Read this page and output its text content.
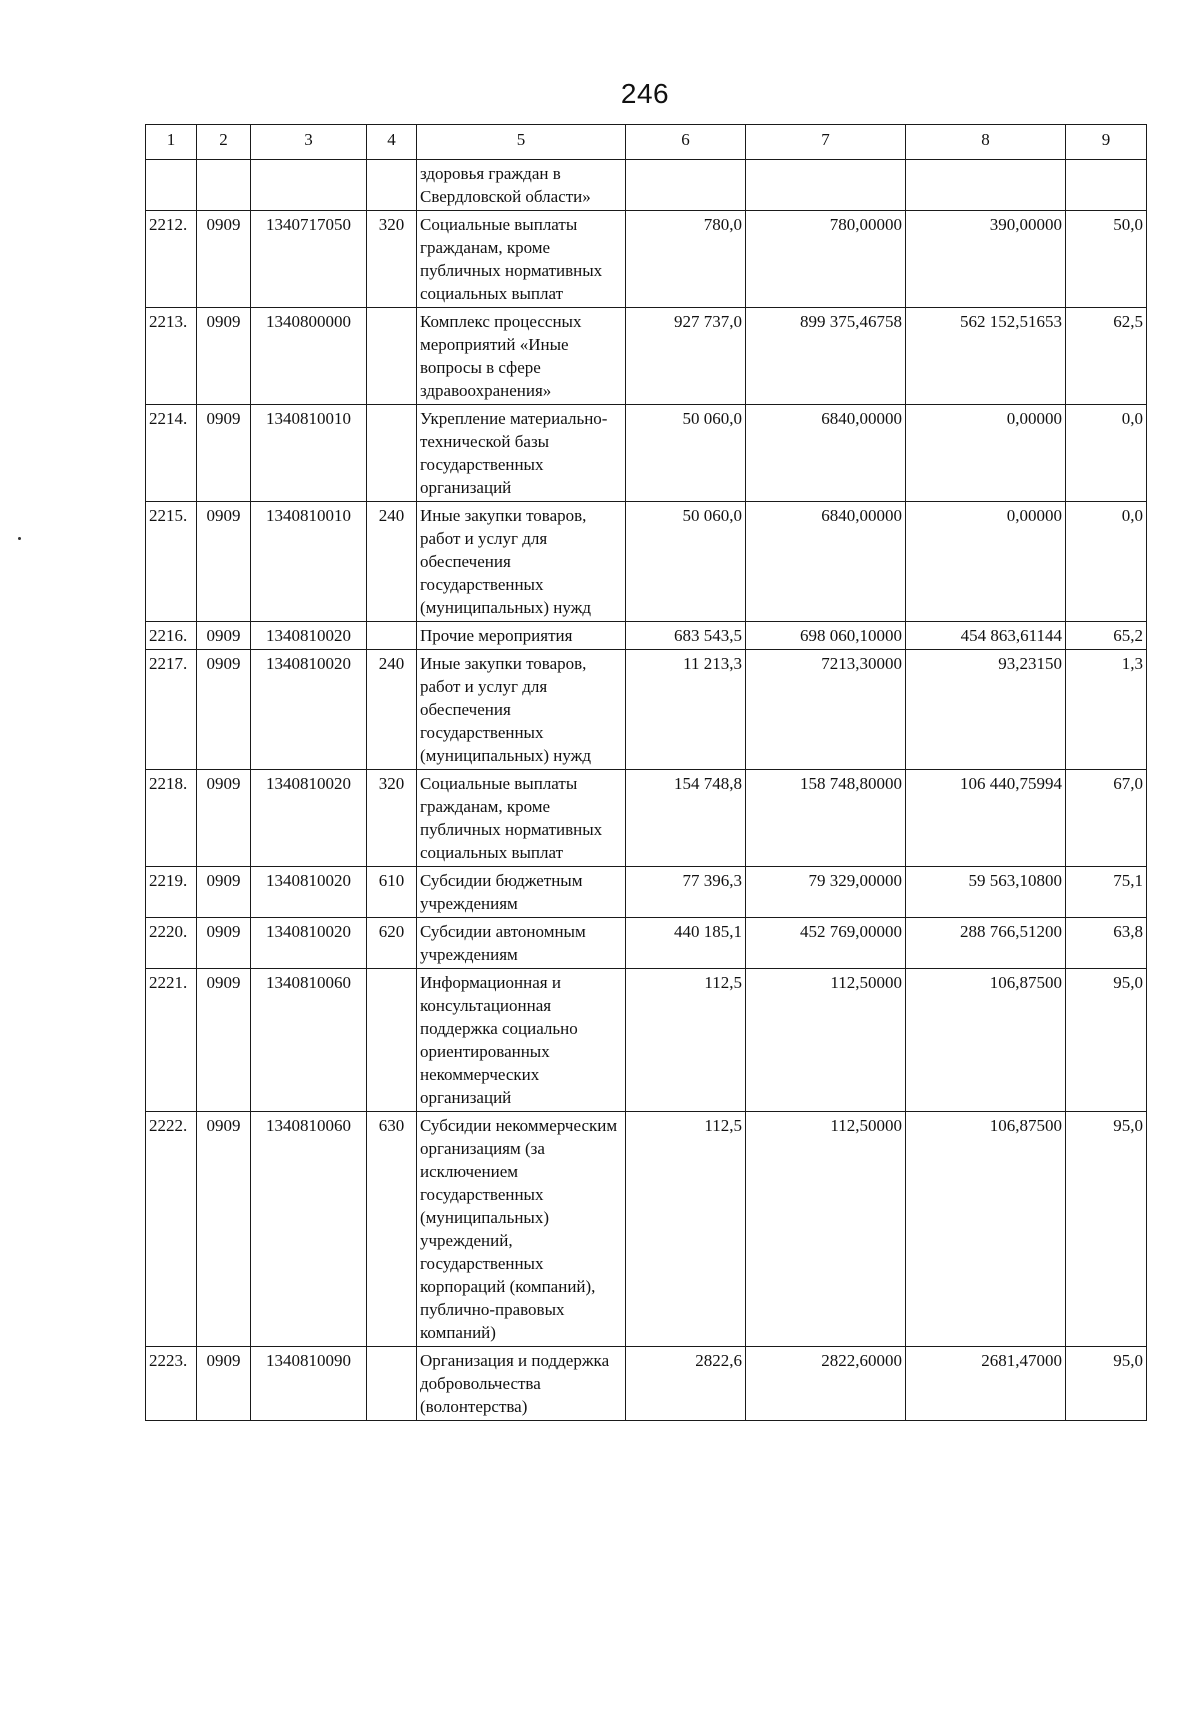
246
1	2	3	4	5	6	7	8	9
				здоровья граждан в Свердловской области»				
2212.	0909	1340717050	320	Социальные выплаты гражданам, кроме публичных нормативных социальных выплат	780,0	780,00000	390,00000	50,0
2213.	0909	1340800000		Комплекс процессных мероприятий «Иные вопросы в сфере здравоохранения»	927 737,0	899 375,46758	562 152,51653	62,5
2214.	0909	1340810010		Укрепление материально-технической базы государственных организаций	50 060,0	6840,00000	0,00000	0,0
2215.	0909	1340810010	240	Иные закупки товаров, работ и услуг для обеспечения государственных (муниципальных) нужд	50 060,0	6840,00000	0,00000	0,0
2216.	0909	1340810020		Прочие мероприятия	683 543,5	698 060,10000	454 863,61144	65,2
2217.	0909	1340810020	240	Иные закупки товаров, работ и услуг для обеспечения государственных (муниципальных) нужд	11 213,3	7213,30000	93,23150	1,3
2218.	0909	1340810020	320	Социальные выплаты гражданам, кроме публичных нормативных социальных выплат	154 748,8	158 748,80000	106 440,75994	67,0
2219.	0909	1340810020	610	Субсидии бюджетным учреждениям	77 396,3	79 329,00000	59 563,10800	75,1
2220.	0909	1340810020	620	Субсидии автономным учреждениям	440 185,1	452 769,00000	288 766,51200	63,8
2221.	0909	1340810060		Информационная и консультационная поддержка социально ориентированных некоммерческих организаций	112,5	112,50000	106,87500	95,0
2222.	0909	1340810060	630	Субсидии некоммерческим организациям (за исключением государственных (муниципальных) учреждений, государственных корпораций (компаний), публично-правовых компаний)	112,5	112,50000	106,87500	95,0
2223.	0909	1340810090		Организация и поддержка добровольчества (волонтерства)	2822,6	2822,60000	2681,47000	95,0
